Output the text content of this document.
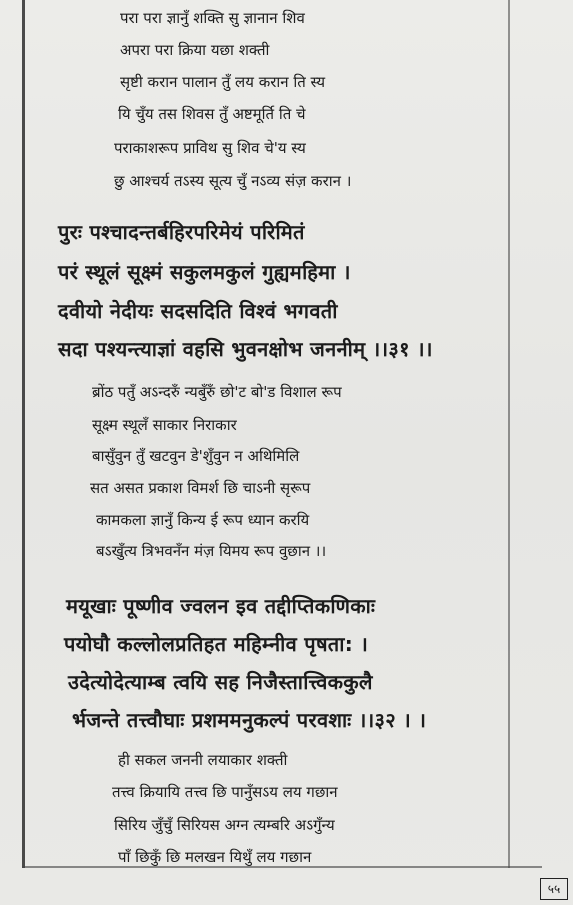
परा परा ज्ञानुँ शक्ति सु ज्ञानान शिव
अपरा परा क्रिया यछा शक्ती
सृष्टी करान पालान तुँ लय करान ति स्य
यि चुँय तस शिवस तुँ अष्टमूर्ति ति चे
पराकाशरूप प्राविथ सु शिव चे'य स्य
छु आश्चर्य तऽस्य सूत्य चुँ नऽव्य संज़ करान ।
पुरः पश्चादन्तर्बहिरपरिमेयं परिमितं
परं स्थूलं सूक्ष्मं सकुलमकुलं गुह्यमहिमा ।
दवीयो नेदीयः सदसदिति विश्वं भगवती
सदा पश्यन्त्याज्ञां वहसि भुवनक्षोभ जननीम् ।।३१ ।।
ब्रोंठ पतुँ अऽन्दरुँ न्यबुँरुँ छो'ट बो'ड विशाल रूप
सूक्ष्म स्थूलँ साकार निराकार
बासुँवुन तुँ खटवुन डे'शुँवुन न अथिमिलि
सत असत प्रकाश विमर्श छि चाऽनी सृरूप
कामकला ज्ञानुँ किन्य ई रूप ध्यान करयि
बऽखुँत्य त्रिभवनँन मंज़ यिमय रूप वुछान ।।
मयूखाः पूष्णीव ज्वलन इव तद्दीप्तिकणिकाः
पयोघौ कल्लोलप्रतिहत महिम्नीव पृषता: ।
उदेत्योदेत्याम्ब त्वयि सह निजैस्तात्त्विककुलै
र्भजन्ते तत्त्वौघाः प्रशममनुकल्पं परवशाः ।।३२ । ।
ही सकल जननी लयाकार शक्ती
तत्त्व क्रियायि तत्त्व छि पानुँसऽय लय गछान
सिरिय जुँचुँ सिरियस अग्न त्यम्बरि अऽगुँन्य
पाँ छिकुँ छि मलखन यिथुँ लय गछान
५५
